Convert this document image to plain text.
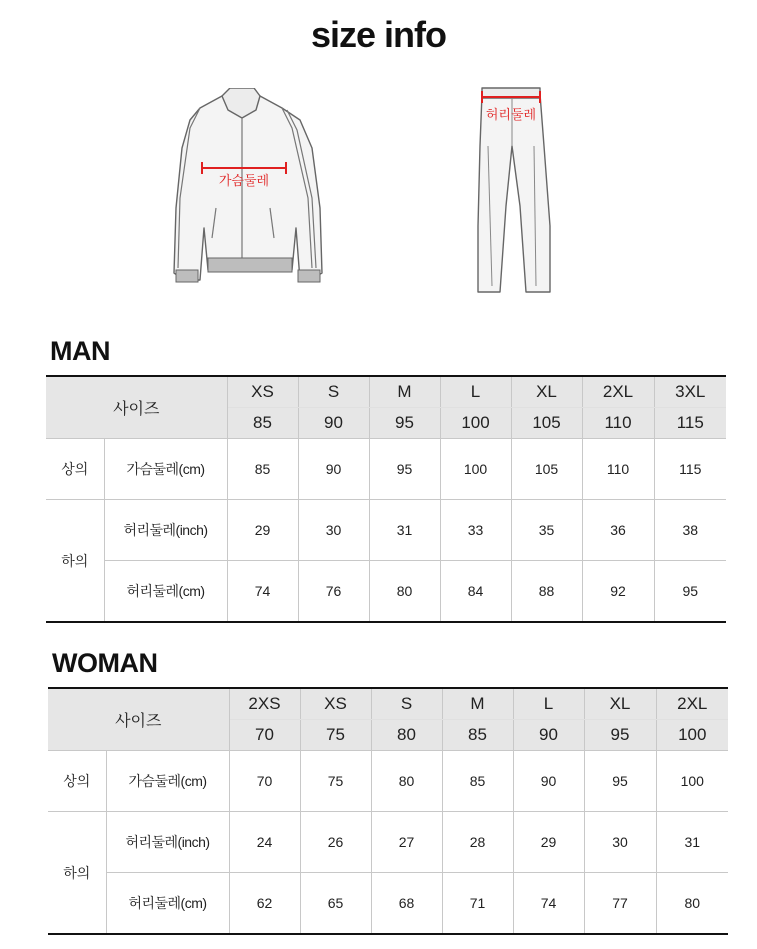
size info
가슴둘레
허리둘레
MAN
사이즈		XS	S	M	L	XL	2XL	3XL
		85	90	95	100	105	110	115
상의	가슴둘레(cm)	85	90	95	100	105	110	115
하의	허리둘레(inch)	29	30	31	33	35	36	38
	허리둘레(cm)	74	76	80	84	88	92	95
WOMAN
사이즈		2XS	XS	S	M	L	XL	2XL
		70	75	80	85	90	95	100
상의	가슴둘레(cm)	70	75	80	85	90	95	100
하의	허리둘레(inch)	24	26	27	28	29	30	31
	허리둘레(cm)	62	65	68	71	74	77	80
